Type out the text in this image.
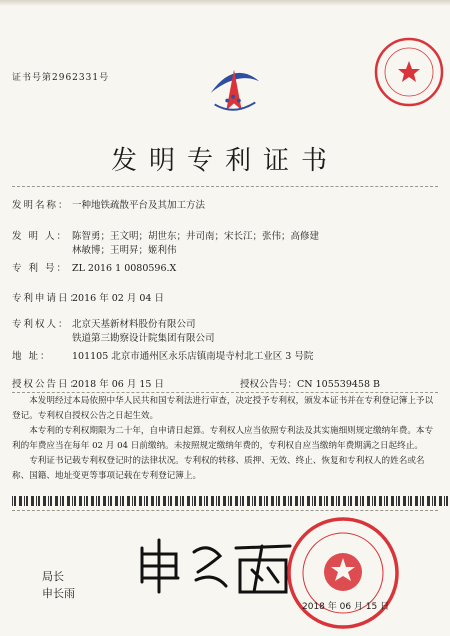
证书号第2962331号
发明专利证书
发明名称： 一种地铁疏散平台及其加工方法
发 明 人： 陈智勇；王文明；胡世东；井司南；宋长江；张伟；高修建
林敏博；王明昇；姬利伟
专 利 号： ZL 2016 1 0080596.X
专利申请日：2016 年 02 月 04 日
专利权人： 北京天基新材料股份有限公司
铁道第三勘察设计院集团有限公司
地 址： 101105 北京市通州区永乐店镇南堤寺村北工业区 3 号院
授权公告日：2018 年 06 月 15 日	授权公告号：CN 105539458 B

本发明经过本局依照中华人民共和国专利法进行审查，决定授予专利权，颁发本证书并在专利登记簿上予以登记。专利权自授权公告之日起生效。

本专利的专利权期限为二十年，自申请日起算。专利权人应当依照专利法及其实施细则规定缴纳年费。本专利的年费应当在每年 02 月 04 日前缴纳。未按照规定缴纳年费的，专利权自应当缴纳年费期满之日起终止。

专利证书记载专利权登记时的法律状况。专利权的转移、质押、无效、终止、恢复和专利权人的姓名或名称、国籍、地址变更等事项记载在专利登记簿上。

局长
申长雨
2018 年 06 月 15 日
